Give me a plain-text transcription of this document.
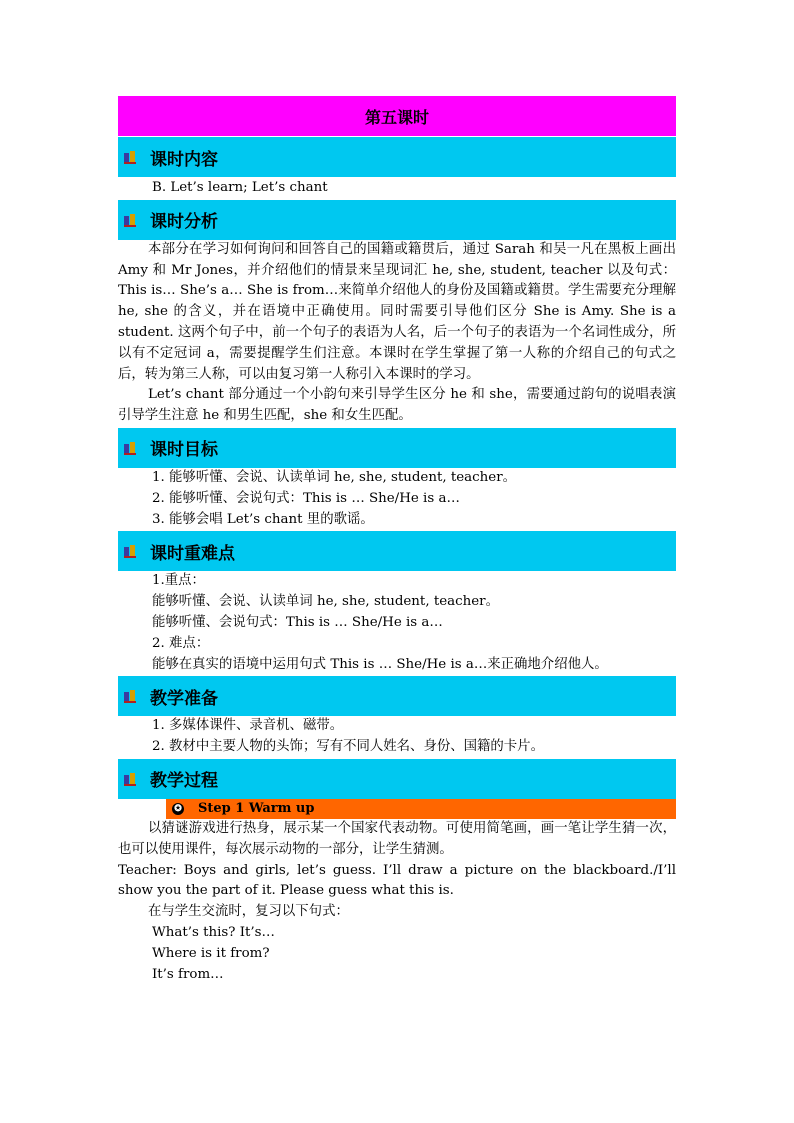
第五课时
课时内容

B. Let’s learn; Let’s chant

课时分析

本部分在学习如何询问和回答自己的国籍或籍贯后，通过 Sarah 和吴一凡在黑板上画出 Amy 和 Mr Jones，并介绍他们的情景来呈现词汇 he, she, student, teacher 以及句式：This is… She’s a… She is from…来简单介绍他人的身份及国籍或籍贯。学生需要充分理解 he, she 的含义，并在语境中正确使用。同时需要引导他们区分 She is Amy. She is a student. 这两个句子中，前一个句子的表语为人名，后一个句子的表语为一个名词性成分，所以有不定冠词 a，需要提醒学生们注意。本课时在学生掌握了第一人称的介绍自己的句式之后，转为第三人称，可以由复习第一人称引入本课时的学习。

Let’s chant 部分通过一个小韵句来引导学生区分 he 和 she，需要通过韵句的说唱表演引导学生注意 he 和男生匹配，she 和女生匹配。

课时目标

1. 能够听懂、会说、认读单词 he, she, student, teacher。

2. 能够听懂、会说句式：This is … She/He is a…

3. 能够会唱 Let’s chant 里的歌谣。

课时重难点

1.重点：

能够听懂、会说、认读单词 he, she, student, teacher。

能够听懂、会说句式：This is … She/He is a…

2. 难点：

能够在真实的语境中运用句式 This is … She/He is a…来正确地介绍他人。

教学准备

1. 多媒体课件、录音机、磁带。

2. 教材中主要人物的头饰；写有不同人姓名、身份、国籍的卡片。

教学过程
✪ Step 1 Warm up

以猜谜游戏进行热身，展示某一个国家代表动物。可使用简笔画，画一笔让学生猜一次，也可以使用课件，每次展示动物的一部分，让学生猜测。

Teacher: Boys and girls, let’s guess. I’ll draw a picture on the blackboard./I’ll show you the part of it. Please guess what this is.

在与学生交流时，复习以下句式：

What’s this? It’s…

Where is it from?

It’s from…
